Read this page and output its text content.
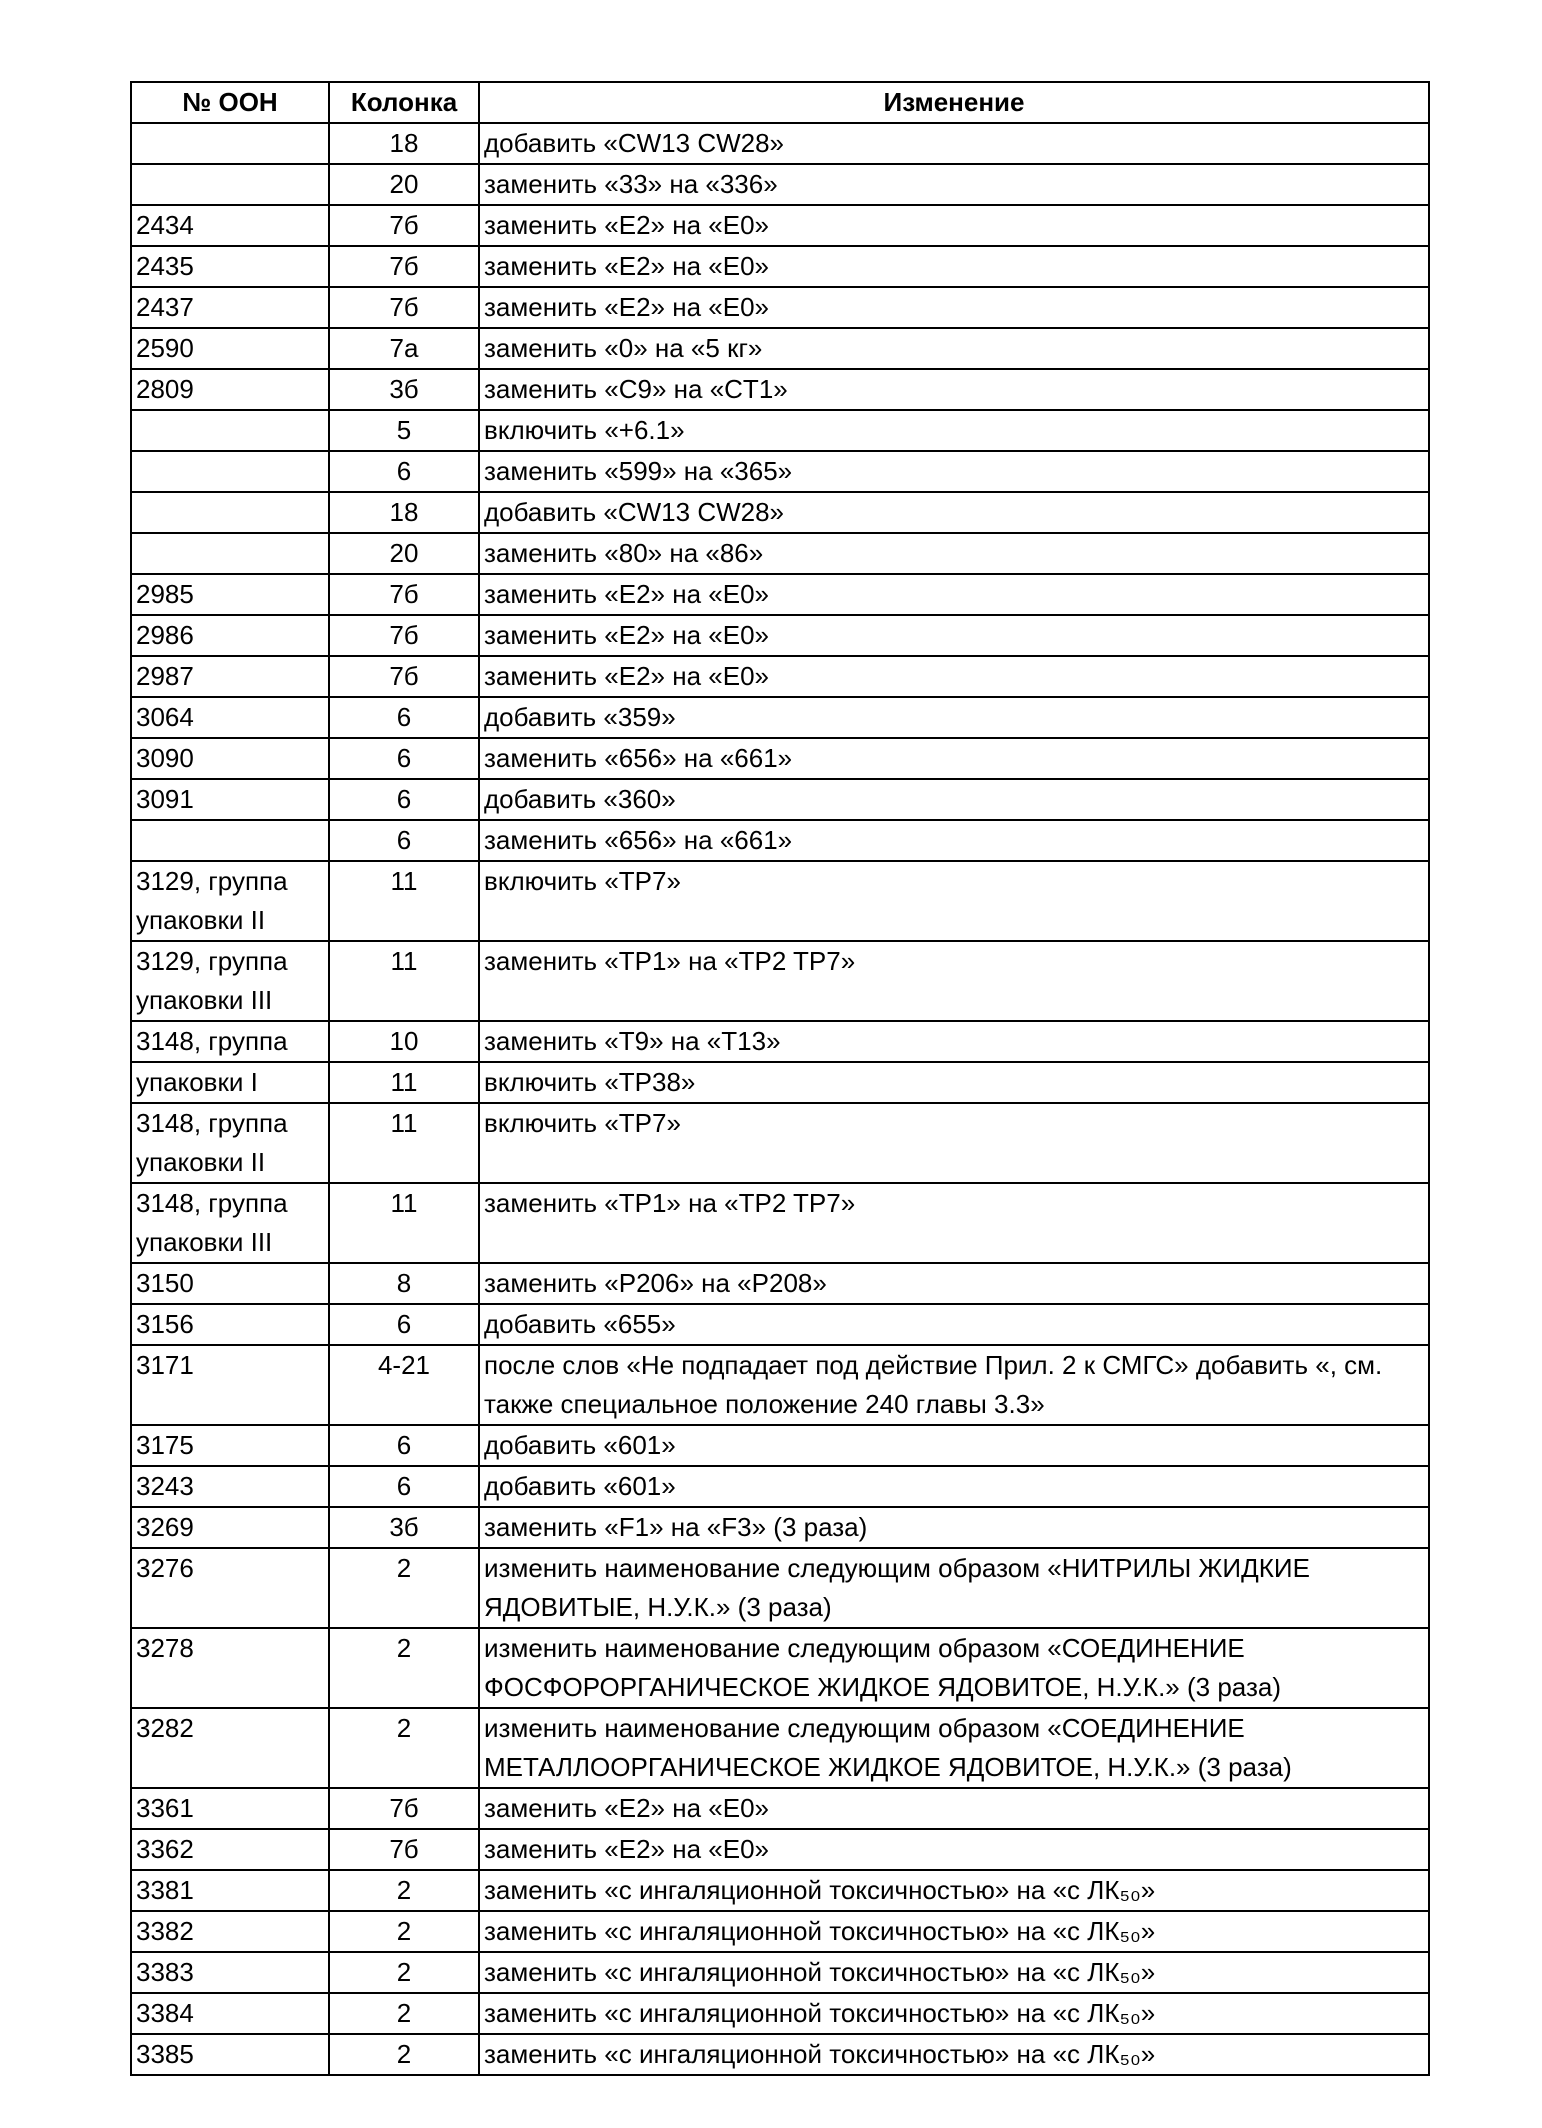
№ ООН	Колонка	Изменение
	18	добавить «CW13 CW28»
	20	заменить «33» на «336»
2434	7б	заменить «E2» на «E0»
2435	7б	заменить «E2» на «E0»
2437	7б	заменить «E2» на «E0»
2590	7а	заменить «0» на «5 кг»
2809	3б	заменить «C9» на «CT1»
	5	включить «+6.1»
	6	заменить «599» на «365»
	18	добавить «CW13 CW28»
	20	заменить «80» на «86»
2985	7б	заменить «E2» на «E0»
2986	7б	заменить «E2» на «E0»
2987	7б	заменить «E2» на «E0»
3064	6	добавить «359»
3090	6	заменить «656» на «661»
3091	6	добавить «360»
	6	заменить «656» на «661»
3129, группа упаковки II	11	включить «TP7»
3129, группа упаковки III	11	заменить «TP1» на «TP2 TP7»
3148, группа	10	заменить «T9» на «T13»
упаковки I	11	включить «TP38»
3148, группа упаковки II	11	включить «TP7»
3148, группа упаковки III	11	заменить «TP1» на «TP2 TP7»
3150	8	заменить «P206» на «P208»
3156	6	добавить «655»
3171	4-21	после слов «Не подпадает под действие Прил. 2 к СМГС» добавить «, см. также специальное положение 240 главы 3.3»
3175	6	добавить «601»
3243	6	добавить «601»
3269	3б	заменить «F1» на «F3» (3 раза)
3276	2	изменить наименование следующим образом «НИТРИЛЫ ЖИДКИЕ ЯДОВИТЫЕ, Н.У.К.» (3 раза)
3278	2	изменить наименование следующим образом «СОЕДИНЕНИЕ ФОСФОРОРГАНИЧЕСКОЕ ЖИДКОЕ ЯДОВИТОЕ, Н.У.К.» (3 раза)
3282	2	изменить наименование следующим образом «СОЕДИНЕНИЕ МЕТАЛЛООРГАНИЧЕСКОЕ ЖИДКОЕ ЯДОВИТОЕ, Н.У.К.» (3 раза)
3361	7б	заменить «E2» на «E0»
3362	7б	заменить «E2» на «E0»
3381	2	заменить «с ингаляционной токсичностью» на «с ЛК₅₀»
3382	2	заменить «с ингаляционной токсичностью» на «с ЛК₅₀»
3383	2	заменить «с ингаляционной токсичностью» на «с ЛК₅₀»
3384	2	заменить «с ингаляционной токсичностью» на «с ЛК₅₀»
3385	2	заменить «с ингаляционной токсичностью» на «с ЛК₅₀»
